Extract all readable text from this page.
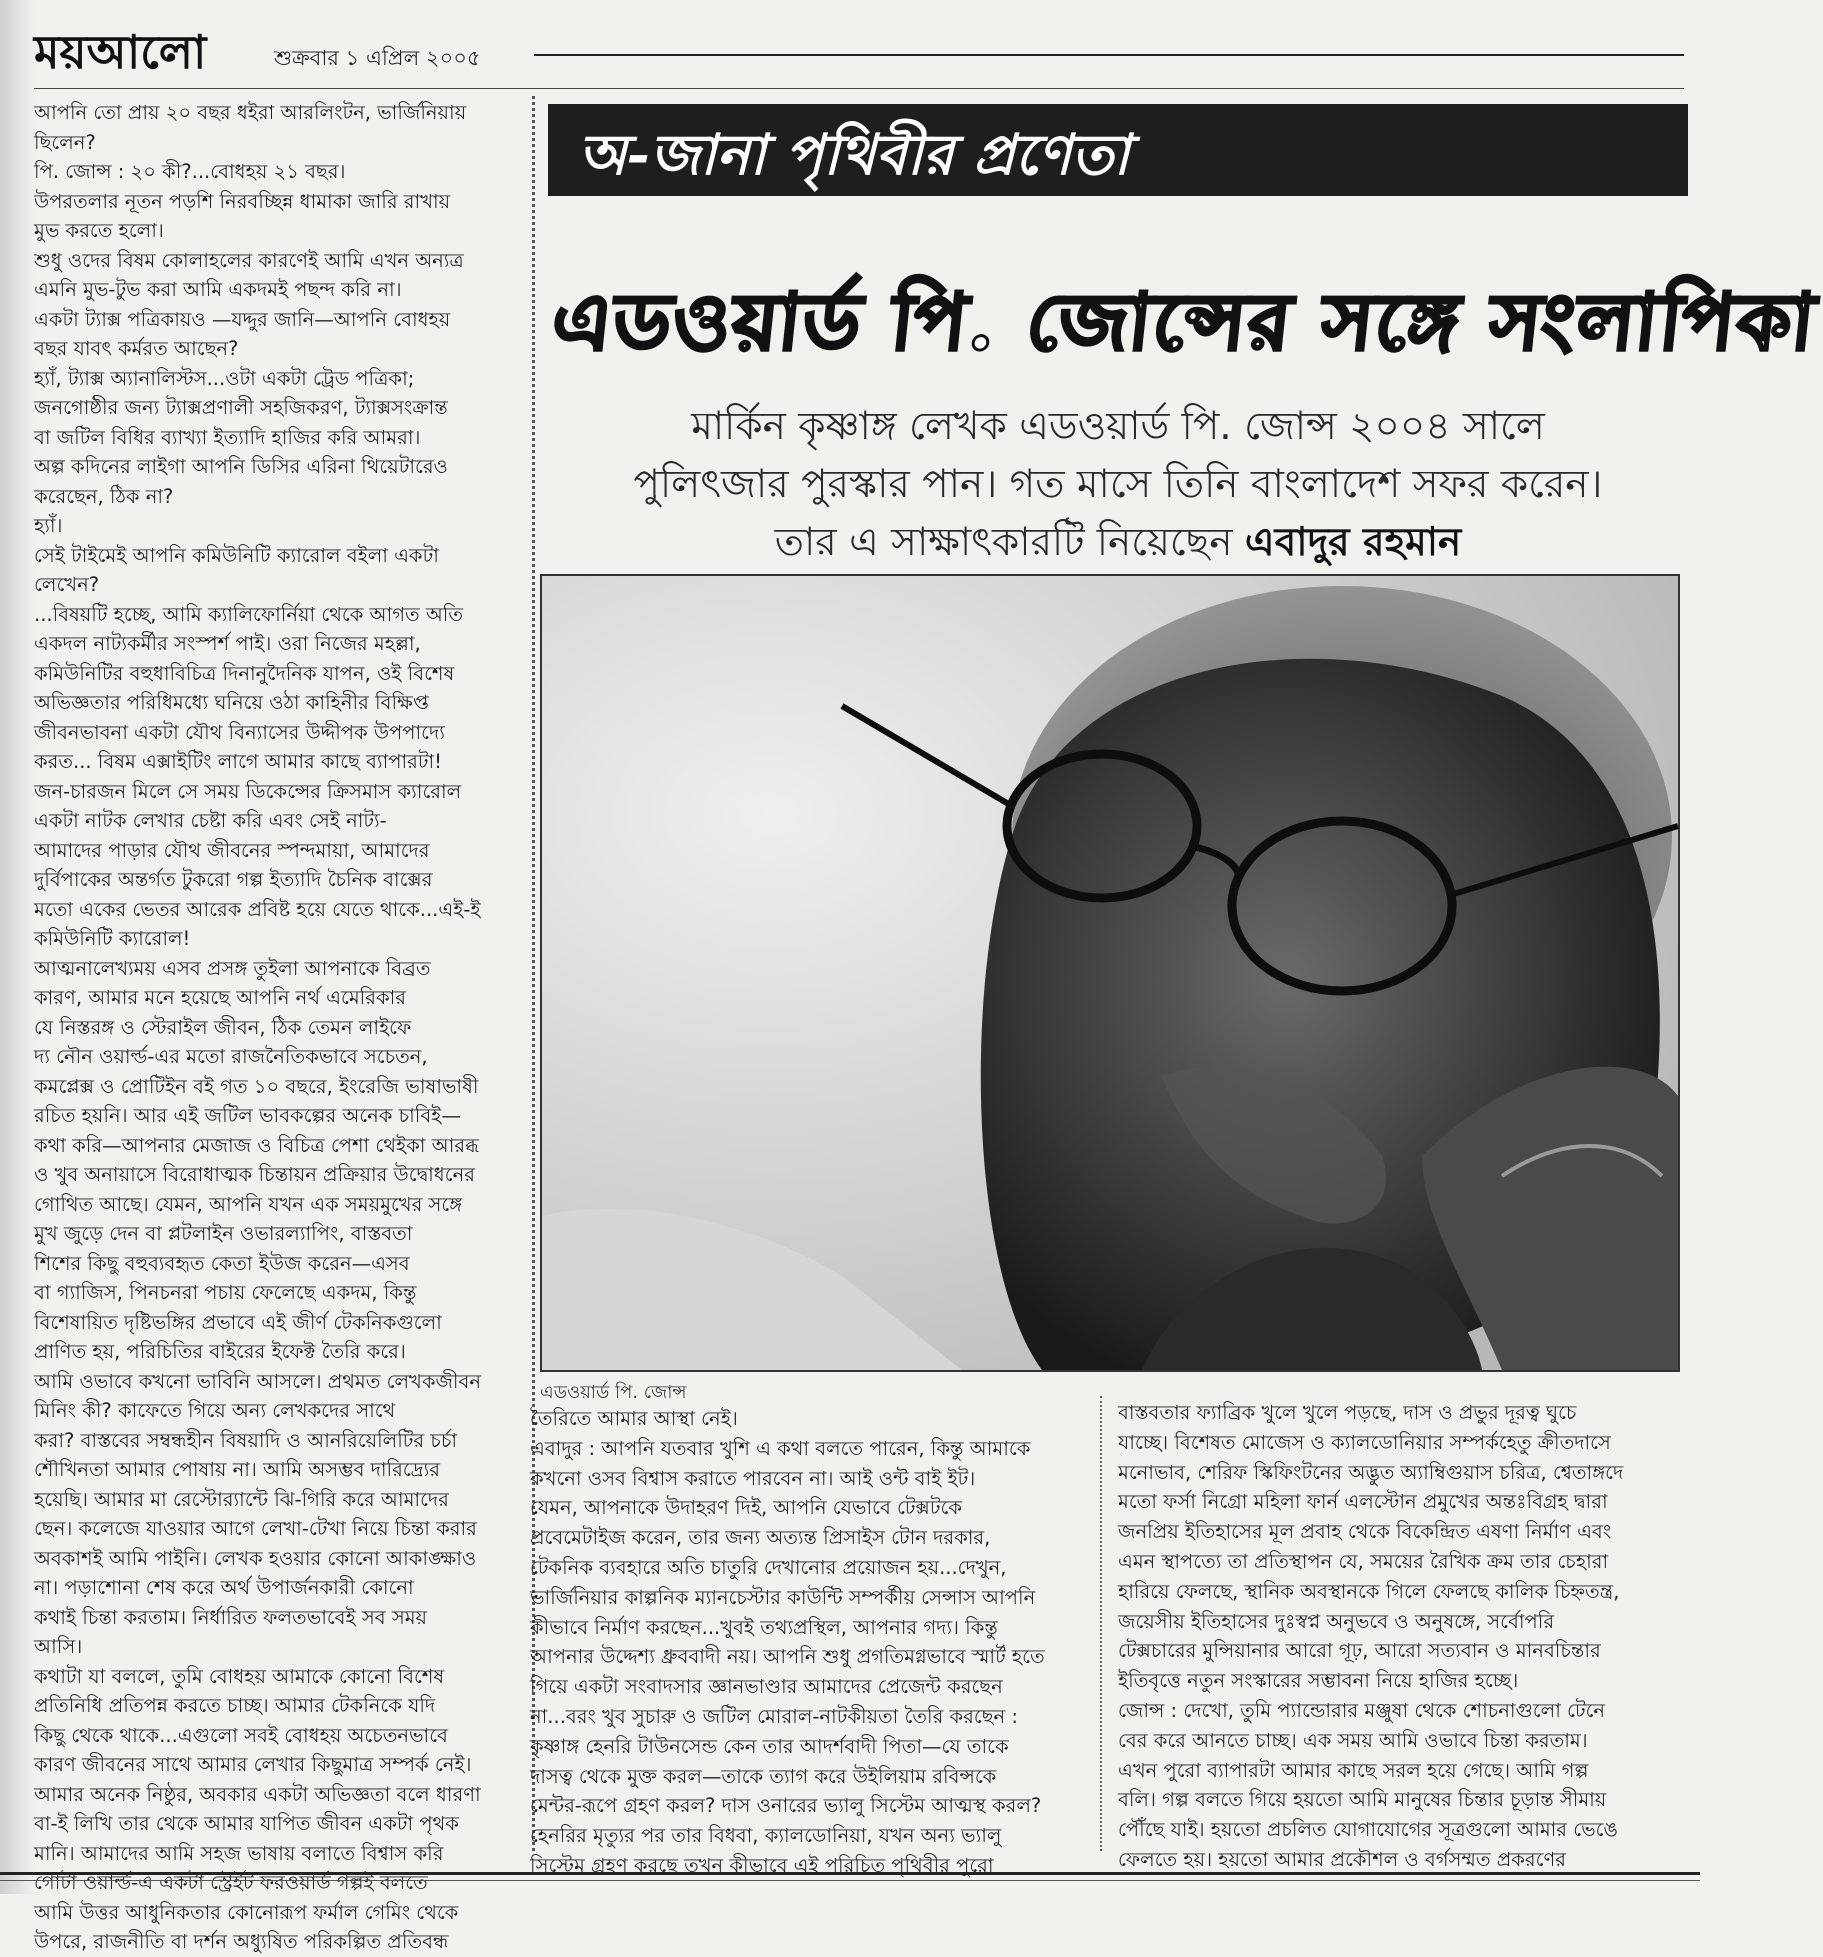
ময়আলো	শুক্রবার ১ এপ্রিল ২০০৫

আপনি তো প্রায় ২০ বছর ধইরা আরলিংটন, ভার্জিনিয়ায়

ছিলেন?

পি. জোন্স : ২০ কী?...বোধহয় ২১ বছর।

উপরতলার নূতন পড়শি নিরবচ্ছিন্ন ধামাকা জারি রাখায়

মুভ করতে হলো।

শুধু ওদের বিষম কোলাহলের কারণেই আমি এখন অন্যত্র

এমনি মুভ-টুভ করা আমি একদমই পছন্দ করি না।

একটা ট্যাক্স পত্রিকায়ও —যদ্দুর জানি—আপনি বোধহয়

বছর যাবৎ কর্মরত আছেন?

হ্যাঁ, ট্যাক্স অ্যানালিস্টস...ওটা একটা ট্রেড পত্রিকা;

জনগোষ্ঠীর জন্য ট্যাক্সপ্রণালী সহজিকরণ, ট্যাক্সসংক্রান্ত

বা জটিল বিধির ব্যাখ্যা ইত্যাদি হাজির করি আমরা।

অল্প কদিনের লাইগা আপনি ডিসির এরিনা থিয়েটারেও

করেছেন, ঠিক না?

হ্যাঁ।

সেই টাইমেই আপনি কমিউনিটি ক্যারোল বইলা একটা

লেখেন?

...বিষয়টি হচ্ছে, আমি ক্যালিফোর্নিয়া থেকে আগত অতি

একদল নাট্যকর্মীর সংস্পর্শ পাই। ওরা নিজের মহল্লা,

কমিউনিটির বহুধাবিচিত্র দিনানুদৈনিক যাপন, ওই বিশেষ

অভিজ্ঞতার পরিধিমধ্যে ঘনিয়ে ওঠা কাহিনীর বিক্ষিপ্ত

জীবনভাবনা একটা যৌথ বিন্যাসের উদ্দীপক উপপাদ্যে

করত... বিষম এক্সাইটিং লাগে আমার কাছে ব্যাপারটা!

জন-চারজন মিলে সে সময় ডিকেন্সের ক্রিসমাস ক্যারোল

একটা নাটক লেখার চেষ্টা করি এবং সেই নাট্য-

আমাদের পাড়ার যৌথ জীবনের স্পন্দমায়া, আমাদের

দুর্বিপাকের অন্তর্গত টুকরো গল্প ইত্যাদি চৈনিক বাক্সের

মতো একের ভেতর আরেক প্রবিষ্ট হয়ে যেতে থাকে...এই-ই

কমিউনিটি ক্যারোল!

আত্মনালেখ্যময় এসব প্রসঙ্গ তুইলা আপনাকে বিব্রত

কারণ, আমার মনে হয়েছে আপনি নর্থ এমেরিকার

যে নিস্তরঙ্গ ও স্টেরাইল জীবন, ঠিক তেমন লাইফে

দ্য নৌন ওয়ার্ল্ড-এর মতো রাজনৈতিকভাবে সচেতন,

কমপ্লেক্স ও প্রোটিইন বই গত ১০ বছরে, ইংরেজি ভাষাভাষী

রচিত হয়নি। আর এই জটিল ভাবকল্পের অনেক চাবিই—

কথা করি—আপনার মেজাজ ও বিচিত্র পেশা থেইকা আরব্ধ

ও খুব অনায়াসে বিরোধাত্মক চিন্তায়ন প্রক্রিয়ার উদ্বোধনের

গোথিত আছে। যেমন, আপনি যখন এক সময়মুখের সঙ্গে

মুখ জুড়ে দেন বা প্লটলাইন ওভারল্যাপিং, বাস্তবতা

শিশের কিছু বহুব্যবহৃত কেতা ইউজ করেন—এসব

বা গ্যাজিস, পিনচনরা পচায় ফেলেছে একদম, কিন্তু

বিশেষায়িত দৃষ্টিভঙ্গির প্রভাবে এই জীর্ণ টেকনিকগুলো

প্রাণিত হয়, পরিচিতির বাইরের ইফেক্ট তৈরি করে।

আমি ওভাবে কখনো ভাবিনি আসলে। প্রথমত লেখকজীবন

মিনিং কী? কাফেতে গিয়ে অন্য লেখকদের সাথে

করা? বাস্তবের সম্বন্ধহীন বিষয়াদি ও আনরিয়েলিটির চর্চা

শৌখিনতা আমার পোষায় না। আমি অসম্ভব দারিদ্র্যের

হয়েছি। আমার মা রেস্টোর‍্যান্টে ঝি-গিরি করে আমাদের

ছেন। কলেজে যাওয়ার আগে লেখা-টেখা নিয়ে চিন্তা করার

অবকাশই আমি পাইনি। লেখক হওয়ার কোনো আকাঙ্ক্ষাও

না। পড়াশোনা শেষ করে অর্থ উপার্জনকারী কোনো

কথাই চিন্তা করতাম। নির্ধারিত ফলতভাবেই সব সময়

আসি।

কথাটা যা বললে, তুমি বোধহয় আমাকে কোনো বিশেষ

প্রতিনিধি প্রতিপন্ন করতে চাচ্ছ। আমার টেকনিকে যদি

কিছু থেকে থাকে...এগুলো সবই বোধহয় অচেতনভাবে

কারণ জীবনের সাথে আমার লেখার কিছুমাত্র সম্পর্ক নেই।

আমার অনেক নিষ্ঠুর, অবকার একটা অভিজ্ঞতা বলে ধারণা

বা-ই লিখি তার থেকে আমার যাপিত জীবন একটা পৃথক

মানি। আমাদের আমি সহজ ভাষায় বলাতে বিশ্বাস করি

গোটা ওয়ার্ল্ড-এ একটা স্ট্রেইট ফরওয়ার্ড গল্পই বলতে

আমি উত্তর আধুনিকতার কোনোরূপ ফর্মাল গেমিং থেকে

উপরে, রাজনীতি বা দর্শন অধ্যুষিত পরিকল্পিত প্রতিবন্ধ

অ-জানা পৃথিবীর প্রণেতা
এডওয়ার্ড পি. জোন্সের সঙ্গে সংলাপিকা

মার্কিন কৃষ্ণাঙ্গ লেখক এডওয়ার্ড পি. জোন্স ২০০৪ সালে

পুলিৎজার পুরস্কার পান। গত মাসে তিনি বাংলাদেশ সফর করেন।

তার এ সাক্ষাৎকারটি নিয়েছেন এবাদুর রহমান

এডওয়ার্ড পি. জোন্স

তৈরিতে আমার আস্থা নেই।

এবাদুর : আপনি যতবার খুশি এ কথা বলতে পারেন, কিন্তু আমাকে

কখনো ওসব বিশ্বাস করাতে পারবেন না। আই ওন্ট বাই ইট।

যেমন, আপনাকে উদাহরণ দিই, আপনি যেভাবে টেক্সটকে

প্রবেমেটাইজ করেন, তার জন্য অত্যন্ত প্রিসাইস টোন দরকার,

টেকনিক ব্যবহারে অতি চাতুরি দেখানোর প্রয়োজন হয়...দেখুন,

ভার্জিনিয়ার কাল্পনিক ম্যানচেস্টার কাউন্টি সম্পর্কীয় সেন্সাস আপনি

কীভাবে নির্মাণ করছেন...খুবই তথ্যপ্রস্থিল, আপনার গদ্য। কিন্তু

আপনার উদ্দেশ্য ধ্রুববাদী নয়। আপনি শুধু প্রগতিমগ্নভাবে স্মার্ট হতে

গিয়ে একটা সংবাদসার জ্ঞানভাণ্ডার আমাদের প্রেজেন্ট করছেন

না...বরং খুব সুচারু ও জটিল মোরাল-নাটকীয়তা তৈরি করছেন :

কৃষ্ণাঙ্গ হেনরি টাউনসেন্ড কেন তার আদর্শবাদী পিতা—যে তাকে

দাসত্ব থেকে মুক্ত করল—তাকে ত্যাগ করে উইলিয়াম রবিন্সকে

মেন্টর-রূপে গ্রহণ করল? দাস ওনারের ভ্যালু সিস্টেম আত্মস্থ করল?

হেনরির মৃত্যুর পর তার বিধবা, ক্যালডোনিয়া, যখন অন্য ভ্যালু

সিস্টেম গ্রহণ করছে তখন কীভাবে এই পরিচিত পৃথিবীর পুরো

বাস্তবতার ফ্যাব্রিক খুলে খুলে পড়ছে, দাস ও প্রভুর দূরত্ব ঘুচে

যাচ্ছে। বিশেষত মোজেস ও ক্যালডোনিয়ার সম্পর্কহেতু ক্রীতদাসে

মনোভাব, শেরিফ স্কিফিংটনের অদ্ভুত অ্যাম্বিগুয়াস চরিত্র, শ্বেতাঙ্গদে

মতো ফর্সা নিগ্রো মহিলা ফার্ন এলস্টোন প্রমুখের অন্তঃবিগ্রহ দ্বারা

জনপ্রিয় ইতিহাসের মূল প্রবাহ থেকে বিকেন্দ্রিত এষণা নির্মাণ এবং

এমন স্থাপত্যে তা প্রতিস্থাপন যে, সময়ের রৈখিক ক্রম তার চেহারা

হারিয়ে ফেলছে, স্থানিক অবস্থানকে গিলে ফেলছে কালিক চিহ্নতন্ত্র,

জয়েসীয় ইতিহাসের দুঃস্বপ্ন অনুভবে ও অনুষঙ্গে, সর্বোপরি

টেক্সচারের মুন্সিয়ানার আরো গূঢ়, আরো সত্যবান ও মানবচিন্তার

ইতিবৃত্তে নতুন সংস্কারের সম্ভাবনা নিয়ে হাজির হচ্ছে।

জোন্স : দেখো, তুমি প্যান্ডোরার মঞ্জুষা থেকে শোচনাগুলো টেনে

বের করে আনতে চাচ্ছ। এক সময় আমি ওভাবে চিন্তা করতাম।

এখন পুরো ব্যাপারটা আমার কাছে সরল হয়ে গেছে। আমি গল্প

বলি। গল্প বলতে গিয়ে হয়তো আমি মানুষের চিন্তার চূড়ান্ত সীমায়

পৌঁছে যাই। হয়তো প্রচলিত যোগাযোগের সূত্রগুলো আমার ভেঙে

ফেলতে হয়। হয়তো আমার প্রকৌশল ও বর্গসম্মত প্রকরণের
